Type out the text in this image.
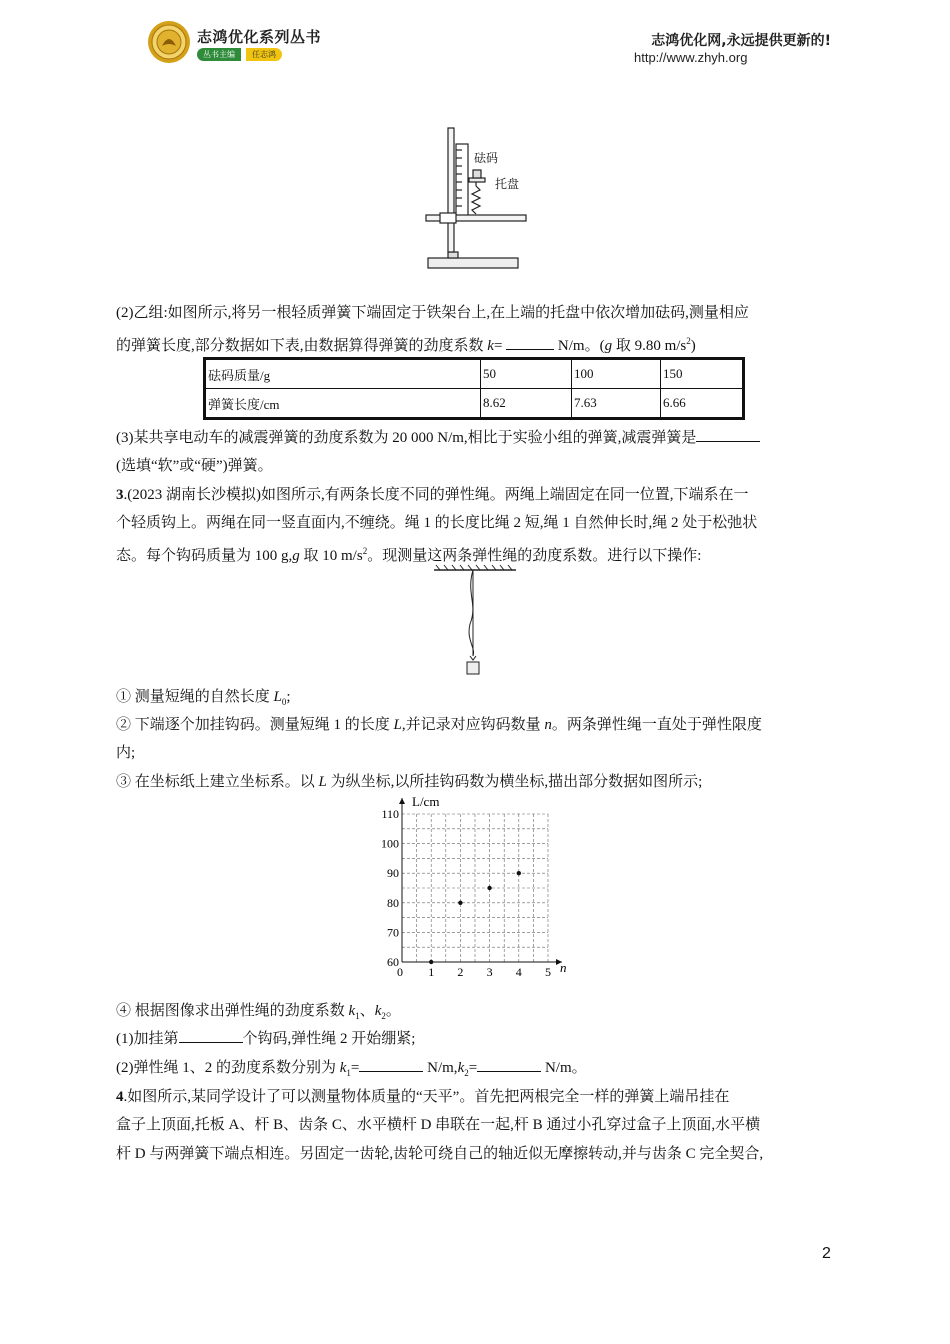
志鸿优化系列丛书
丛书主编	任志鸿
志鸿优化网,永远提供更新的!
http://www.zhyh.org
砝码
托盘
(2)乙组:如图所示,将另一根轻质弹簧下端固定于铁架台上,在上端的托盘中依次增加砝码,测量相应
的弹簧长度,部分数据如下表,由数据算得弹簧的劲度系数 k=	N/m。(g 取 9.80 $m/s^2$)
砝码质量/g	50	100	150
弹簧长度/cm	8.62	7.63	6.66
(3)某共享电动车的减震弹簧的劲度系数为 20 000 N/m,相比于实验小组的弹簧,减震弹簧是
(选填“软”或“硬”)弹簧。
3.(2023 湖南长沙模拟)如图所示,有两条长度不同的弹性绳。两绳上端固定在同一位置,下端系在一
个轻质钩上。两绳在同一竖直面内,不缠绕。绳 1 的长度比绳 2 短,绳 1 自然伸长时,绳 2 处于松弛状
态。每个钩码质量为 100 g,g 取 10 $m/s^2$。现测量这两条弹性绳的劲度系数。进行以下操作:
① 测量短绳的自然长度 $L_0$;
② 下端逐个加挂钩码。测量短绳 1 的长度 L,并记录对应钩码数量 n。两条弹性绳一直处于弹性限度
内;
③ 在坐标纸上建立坐标系。以 L 为纵坐标,以所挂钩码数为横坐标,描出部分数据如图所示;
60
70
80
90
100
110
0 1 2 3 4 5
L/cm
n
④ 根据图像求出弹性绳的劲度系数 $k_1$、$k_2$。
(1)加挂第	个钩码,弹性绳 2 开始绷紧;
(2)弹性绳 1、2 的劲度系数分别为 $k_1=$	$N/m,k_2=$	N/m。
4.如图所示,某同学设计了可以测量物体质量的“天平”。首先把两根完全一样的弹簧上端吊挂在
盒子上顶面,托板 A、杆 B、齿条 C、水平横杆 D 串联在一起,杆 B 通过小孔穿过盒子上顶面,水平横
杆 D 与两弹簧下端点相连。另固定一齿轮,齿轮可绕自己的轴近似无摩擦转动,并与齿条 C 完全契合,
2
